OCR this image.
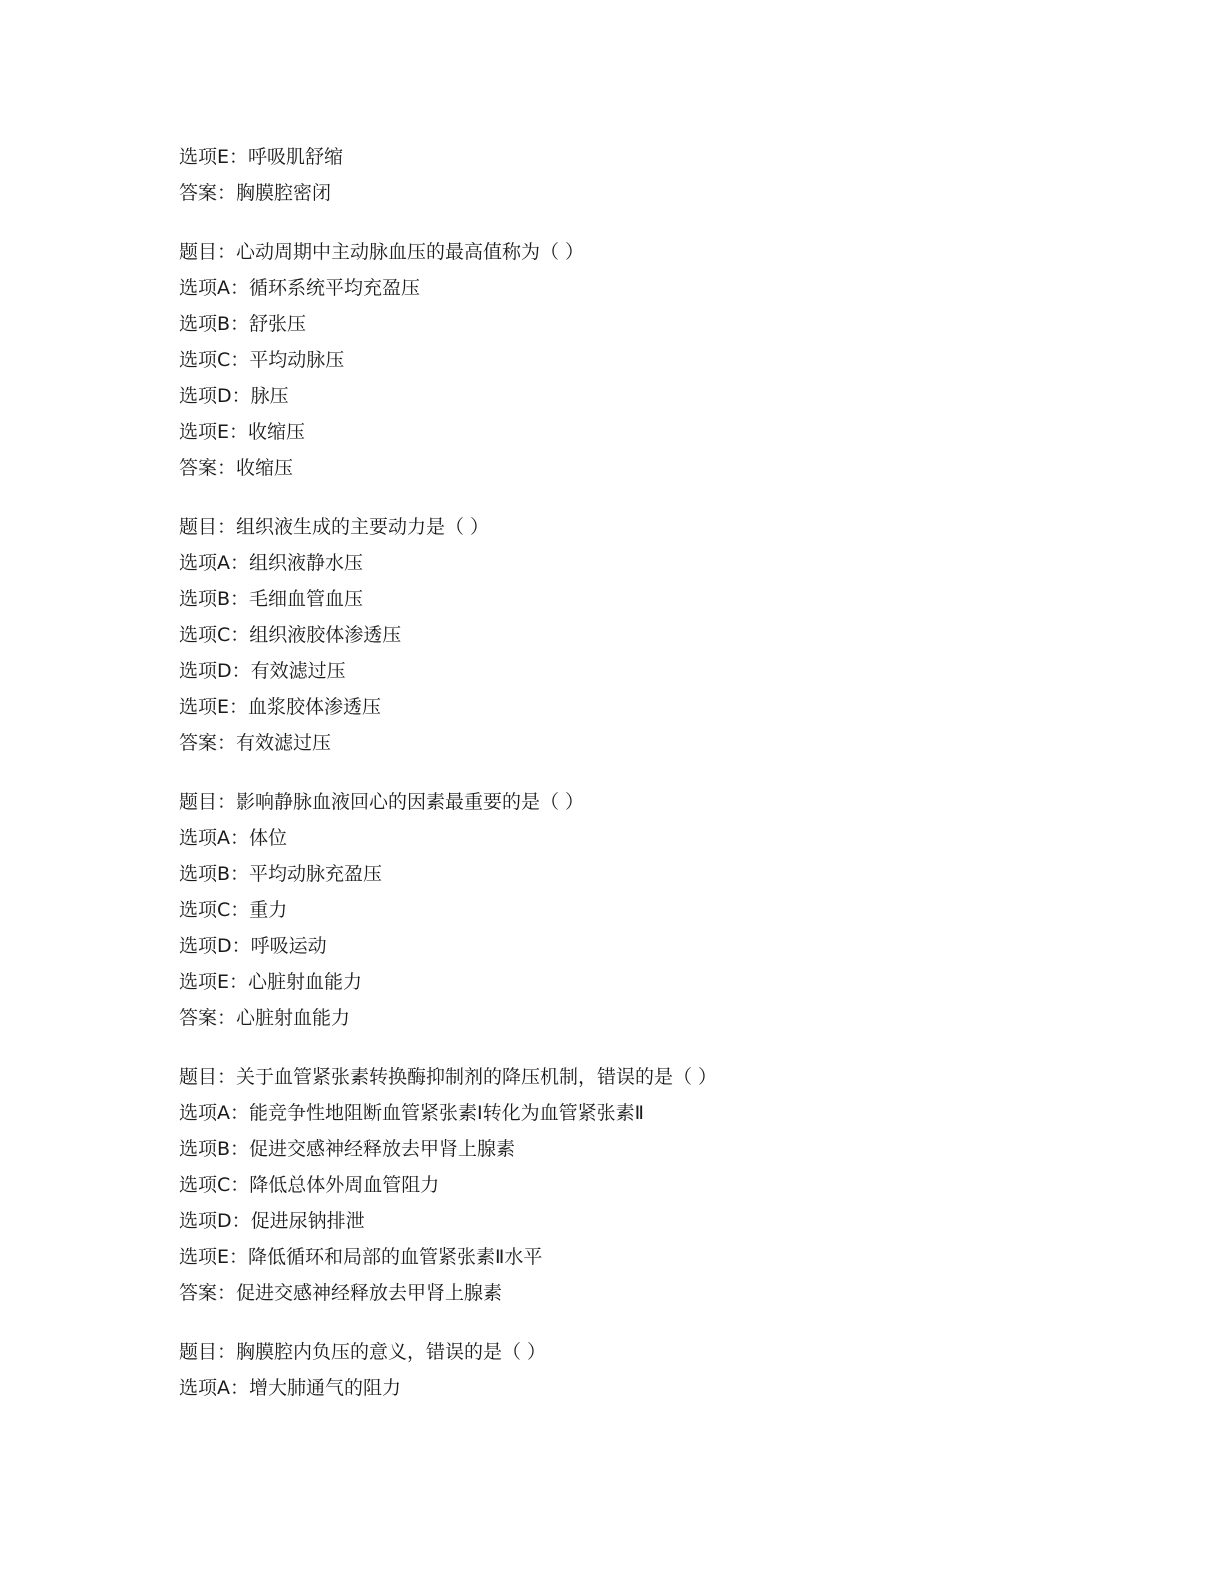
选项E：呼吸肌舒缩
答案：胸膜腔密闭
题目：心动周期中主动脉血压的最高值称为（ ）
选项A：循环系统平均充盈压
选项B：舒张压
选项C：平均动脉压
选项D：脉压
选项E：收缩压
答案：收缩压
题目：组织液生成的主要动力是（ ）
选项A：组织液静水压
选项B：毛细血管血压
选项C：组织液胶体渗透压
选项D：有效滤过压
选项E：血浆胶体渗透压
答案：有效滤过压
题目：影响静脉血液回心的因素最重要的是（ ）
选项A：体位
选项B：平均动脉充盈压
选项C：重力
选项D：呼吸运动
选项E：心脏射血能力
答案：心脏射血能力
题目：关于血管紧张素转换酶抑制剂的降压机制，错误的是（ ）
选项A：能竞争性地阻断血管紧张素Ⅰ转化为血管紧张素Ⅱ
选项B：促进交感神经释放去甲肾上腺素
选项C：降低总体外周血管阻力
选项D：促进尿钠排泄
选项E：降低循环和局部的血管紧张素Ⅱ水平
答案：促进交感神经释放去甲肾上腺素
题目：胸膜腔内负压的意义，错误的是（ ）
选项A：增大肺通气的阻力
